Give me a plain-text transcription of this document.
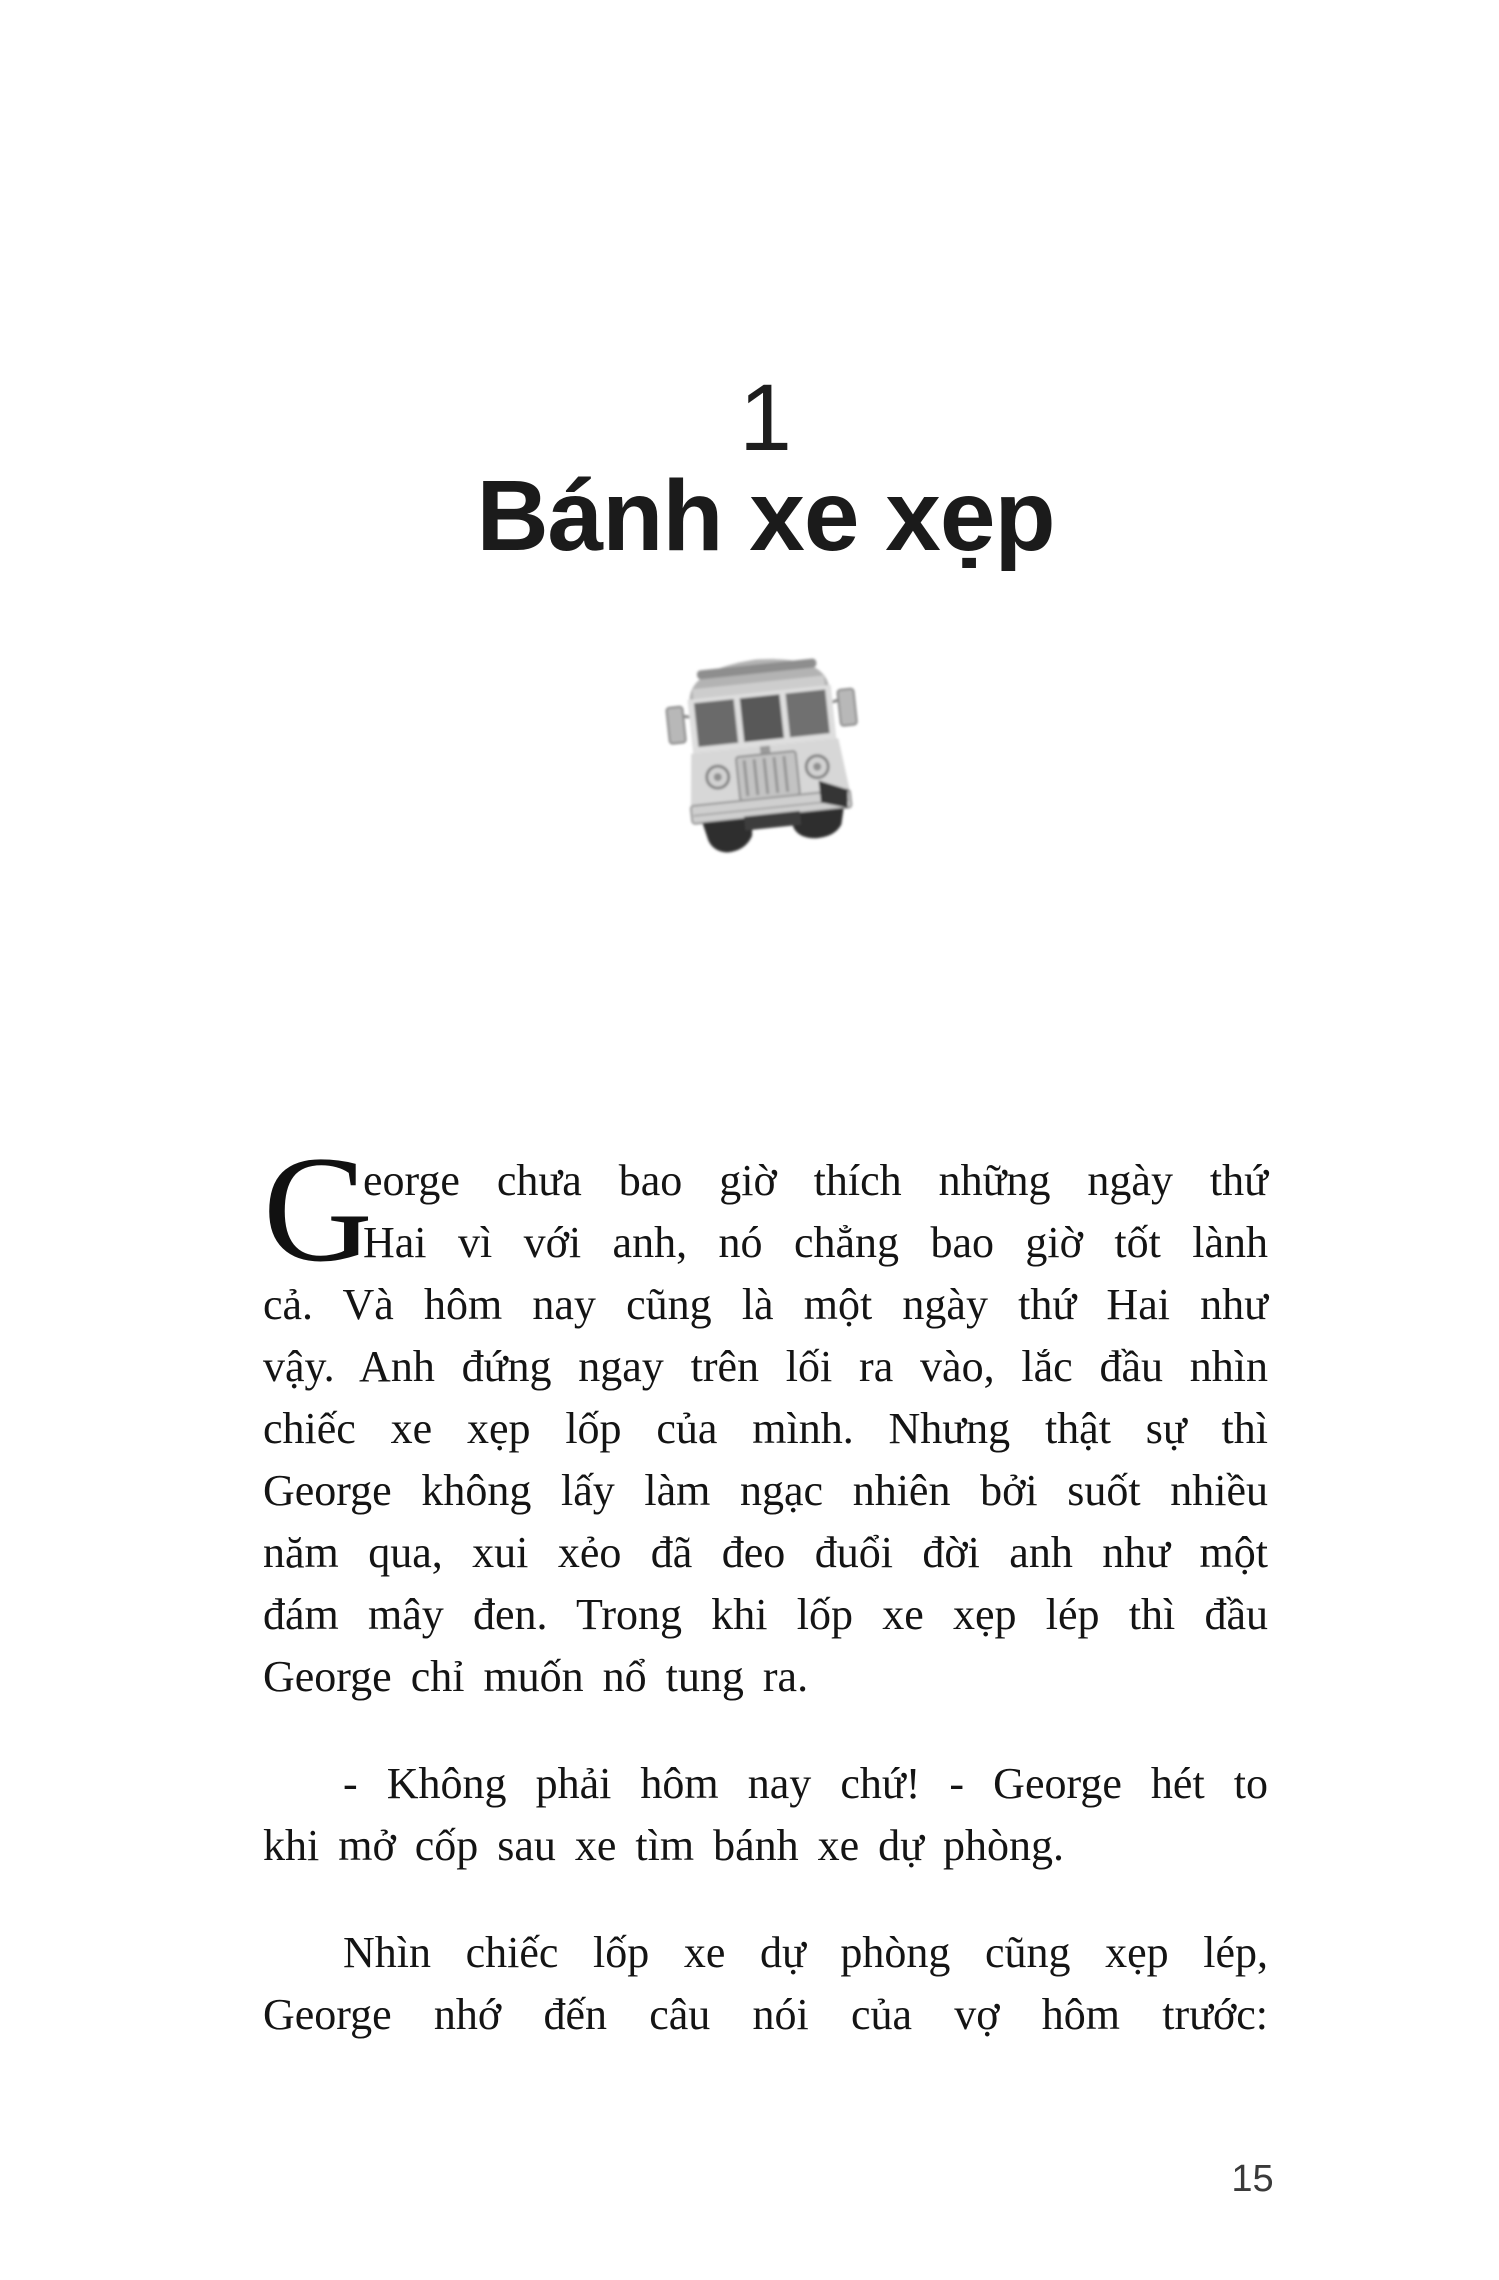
1
Bánh xe xẹp
G
eorge chưa bao giờ thích những ngày thứ
Hai vì với anh, nó chẳng bao giờ tốt lành
cả. Và hôm nay cũng là một ngày thứ Hai như
vậy. Anh đứng ngay trên lối ra vào, lắc đầu nhìn
chiếc xe xẹp lốp của mình. Nhưng thật sự thì
George không lấy làm ngạc nhiên bởi suốt nhiều
năm qua, xui xẻo đã đeo đuổi đời anh như một
đám mây đen. Trong khi lốp xe xẹp lép thì đầu
George chỉ muốn nổ tung ra.
- Không phải hôm nay chứ! - George hét to
khi mở cốp sau xe tìm bánh xe dự phòng.
Nhìn chiếc lốp xe dự phòng cũng xẹp lép,
George nhớ đến câu nói của vợ hôm trước:
15
